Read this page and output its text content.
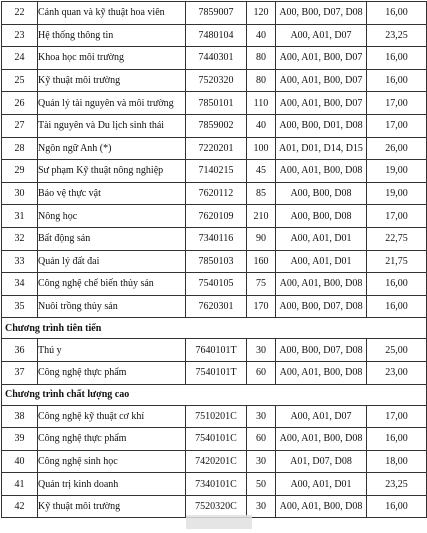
22	Cảnh quan và kỹ thuật hoa viên	7859007	120	A00, B00, D07, D08	16,00
23	Hệ thống thông tin	7480104	40	A00, A01, D07	23,25
24	Khoa học môi trường	7440301	80	A00, A01, B00, D07	16,00
25	Kỹ thuật môi trường	7520320	80	A00, A01, B00, D07	16,00
26	Quản lý tài nguyên và môi trường	7850101	110	A00, A01, B00, D07	17,00
27	Tài nguyên và Du lịch sinh thái	7859002	40	A00, B00, D01, D08	17,00
28	Ngôn ngữ Anh (*)	7220201	100	A01, D01, D14, D15	26,00
29	Sư phạm Kỹ thuật nông nghiệp	7140215	45	A00, A01, B00, D08	19,00
30	Bảo vệ thực vật	7620112	85	A00, B00, D08	19,00
31	Nông học	7620109	210	A00, B00, D08	17,00
32	Bất động sản	7340116	90	A00, A01, D01	22,75
33	Quản lý đất đai	7850103	160	A00, A01, D01	21,75
34	Công nghệ chế biến thủy sản	7540105	75	A00, A01, B00, D08	16,00
35	Nuôi trồng thủy sản	7620301	170	A00, B00, D07, D08	16,00
Chương trình tiên tiến					
36	Thú y	7640101T	30	A00, B00, D07, D08	25,00
37	Công nghệ thực phẩm	7540101T	60	A00, A01, B00, D08	23,00
Chương trình chất lượng cao					
38	Công nghệ kỹ thuật cơ khí	7510201C	30	A00, A01, D07	17,00
39	Công nghệ thực phẩm	7540101C	60	A00, A01, B00, D08	16,00
40	Công nghệ sinh học	7420201C	30	A01, D07, D08	18,00
41	Quản trị kinh doanh	7340101C	50	A00, A01, D01	23,25
42	Kỹ thuật môi trường	7520320C	30	A00, A01, B00, D08	16,00
